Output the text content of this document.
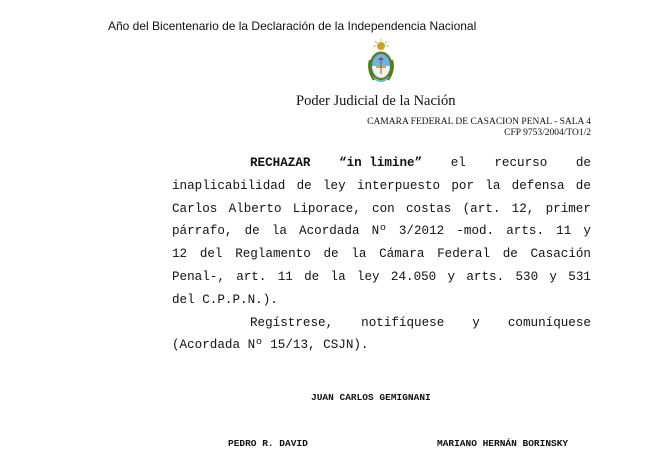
Año del Bicentenario de la Declaración de la Independencia Nacional
Poder Judicial de la Nación
CAMARA FEDERAL DE CASACION PENAL - SALA 4
CFP 9753/2004/TO1/2
RECHAZAR “in limine” el recurso de
inaplicabilidad de ley interpuesto por la defensa de
Carlos Alberto Liporace, con costas (art. 12, primer
párrafo, de la Acordada Nº 3/2012 -mod. arts. 11 y
12 del Reglamento de la Cámara Federal de Casación
Penal-, art. 11 de la ley 24.050 y arts. 530 y 531
del C.P.P.N.).
Regístrese, notifíquese y comuníquese
(Acordada Nº 15/13, CSJN).
JUAN CARLOS GEMIGNANI
PEDRO R. DAVID	MARIANO HERNÁN BORINSKY
